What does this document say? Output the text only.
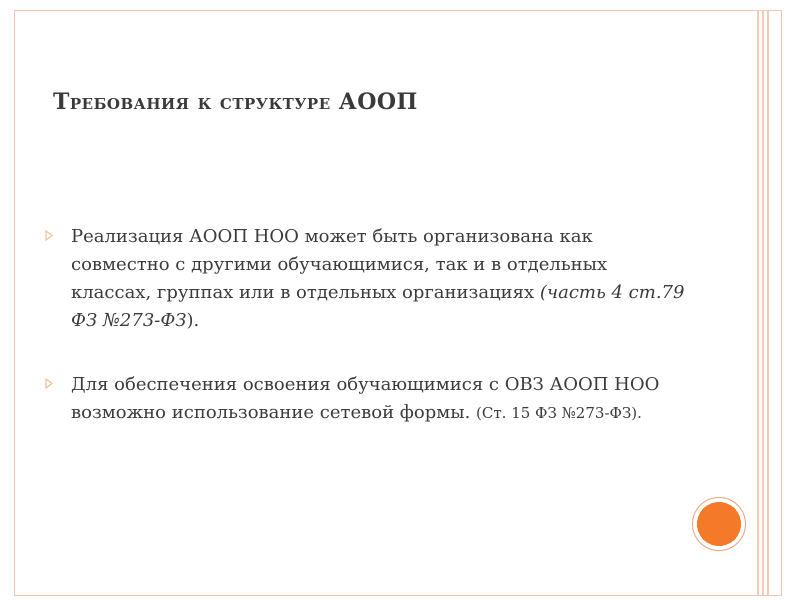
Требования к структуре АООП
Реализация АООП НОО может быть организована как совместно с другими обучающимися, так и в отдельных классах, группах или в отдельных организациях (часть 4 ст.79 ФЗ №273-ФЗ).
Для обеспечения освоения обучающимися с ОВЗ АООП НОО возможно использование сетевой формы. (Ст. 15 ФЗ №273-ФЗ).
